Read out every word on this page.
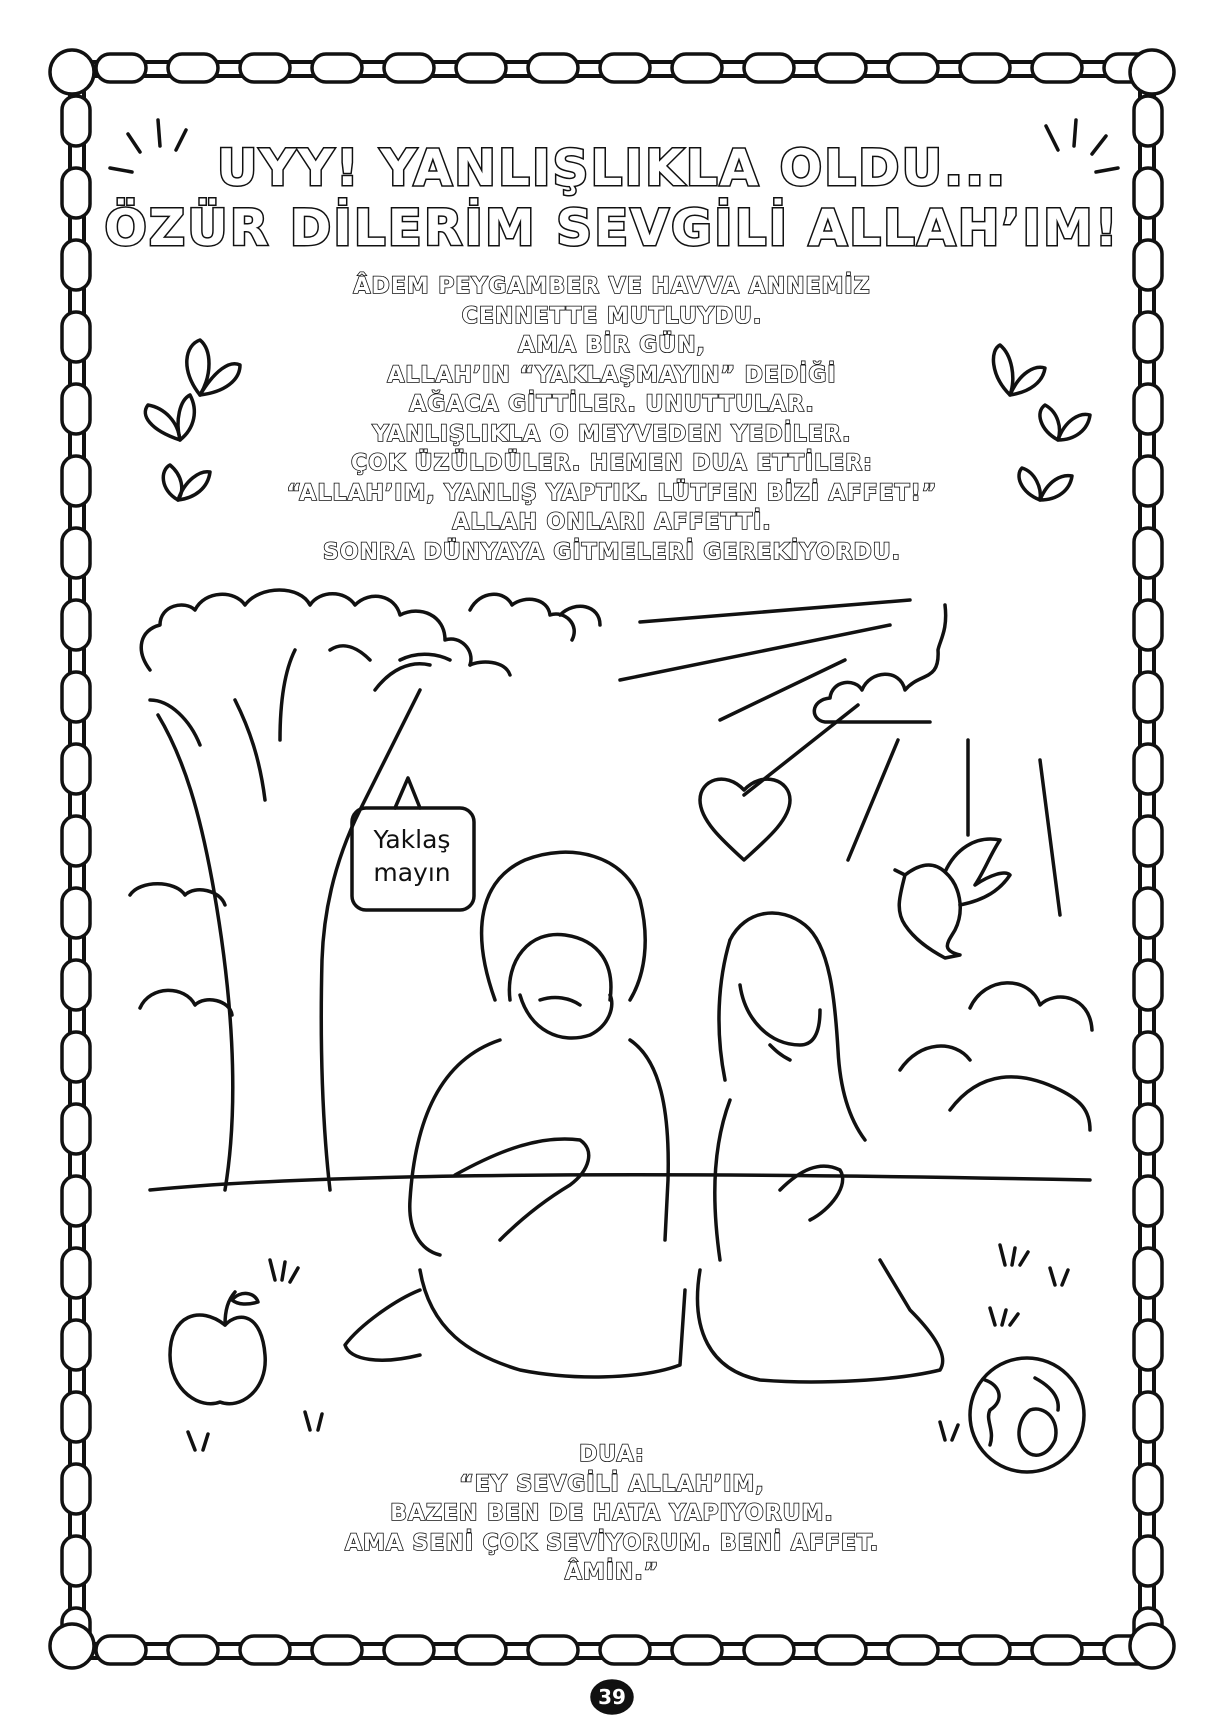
UYY! YANLIŞLIKLA OLDU...
ÖZÜR DİLERİM SEVGİLİ ALLAH’IM!
ÂDEM PEYGAMBER VE HAVVA ANNEMİZ
CENNETTE MUTLUYDU.
AMA BİR GÜN,
ALLAH’IN “YAKLAŞMAYIN” DEDİĞİ
AĞACA GİTTİLER. UNUTTULAR.
YANLIŞLIKLA O MEYVEDEN YEDİLER.
ÇOK ÜZÜLDÜLER. HEMEN DUA ETTİLER:
“ALLAH’IM, YANLIŞ YAPTIK. LÜTFEN BİZİ AFFET!”
ALLAH ONLARI AFFETTİ.
SONRA DÜNYAYA GİTMELERİ GEREKİYORDU.
Yaklaş
mayın
DUA:
“EY SEVGİLİ ALLAH’IM,
BAZEN BEN DE HATA YAPIYORUM.
AMA SENİ ÇOK SEVİYORUM. BENİ AFFET.
ÂMİN.”
39
